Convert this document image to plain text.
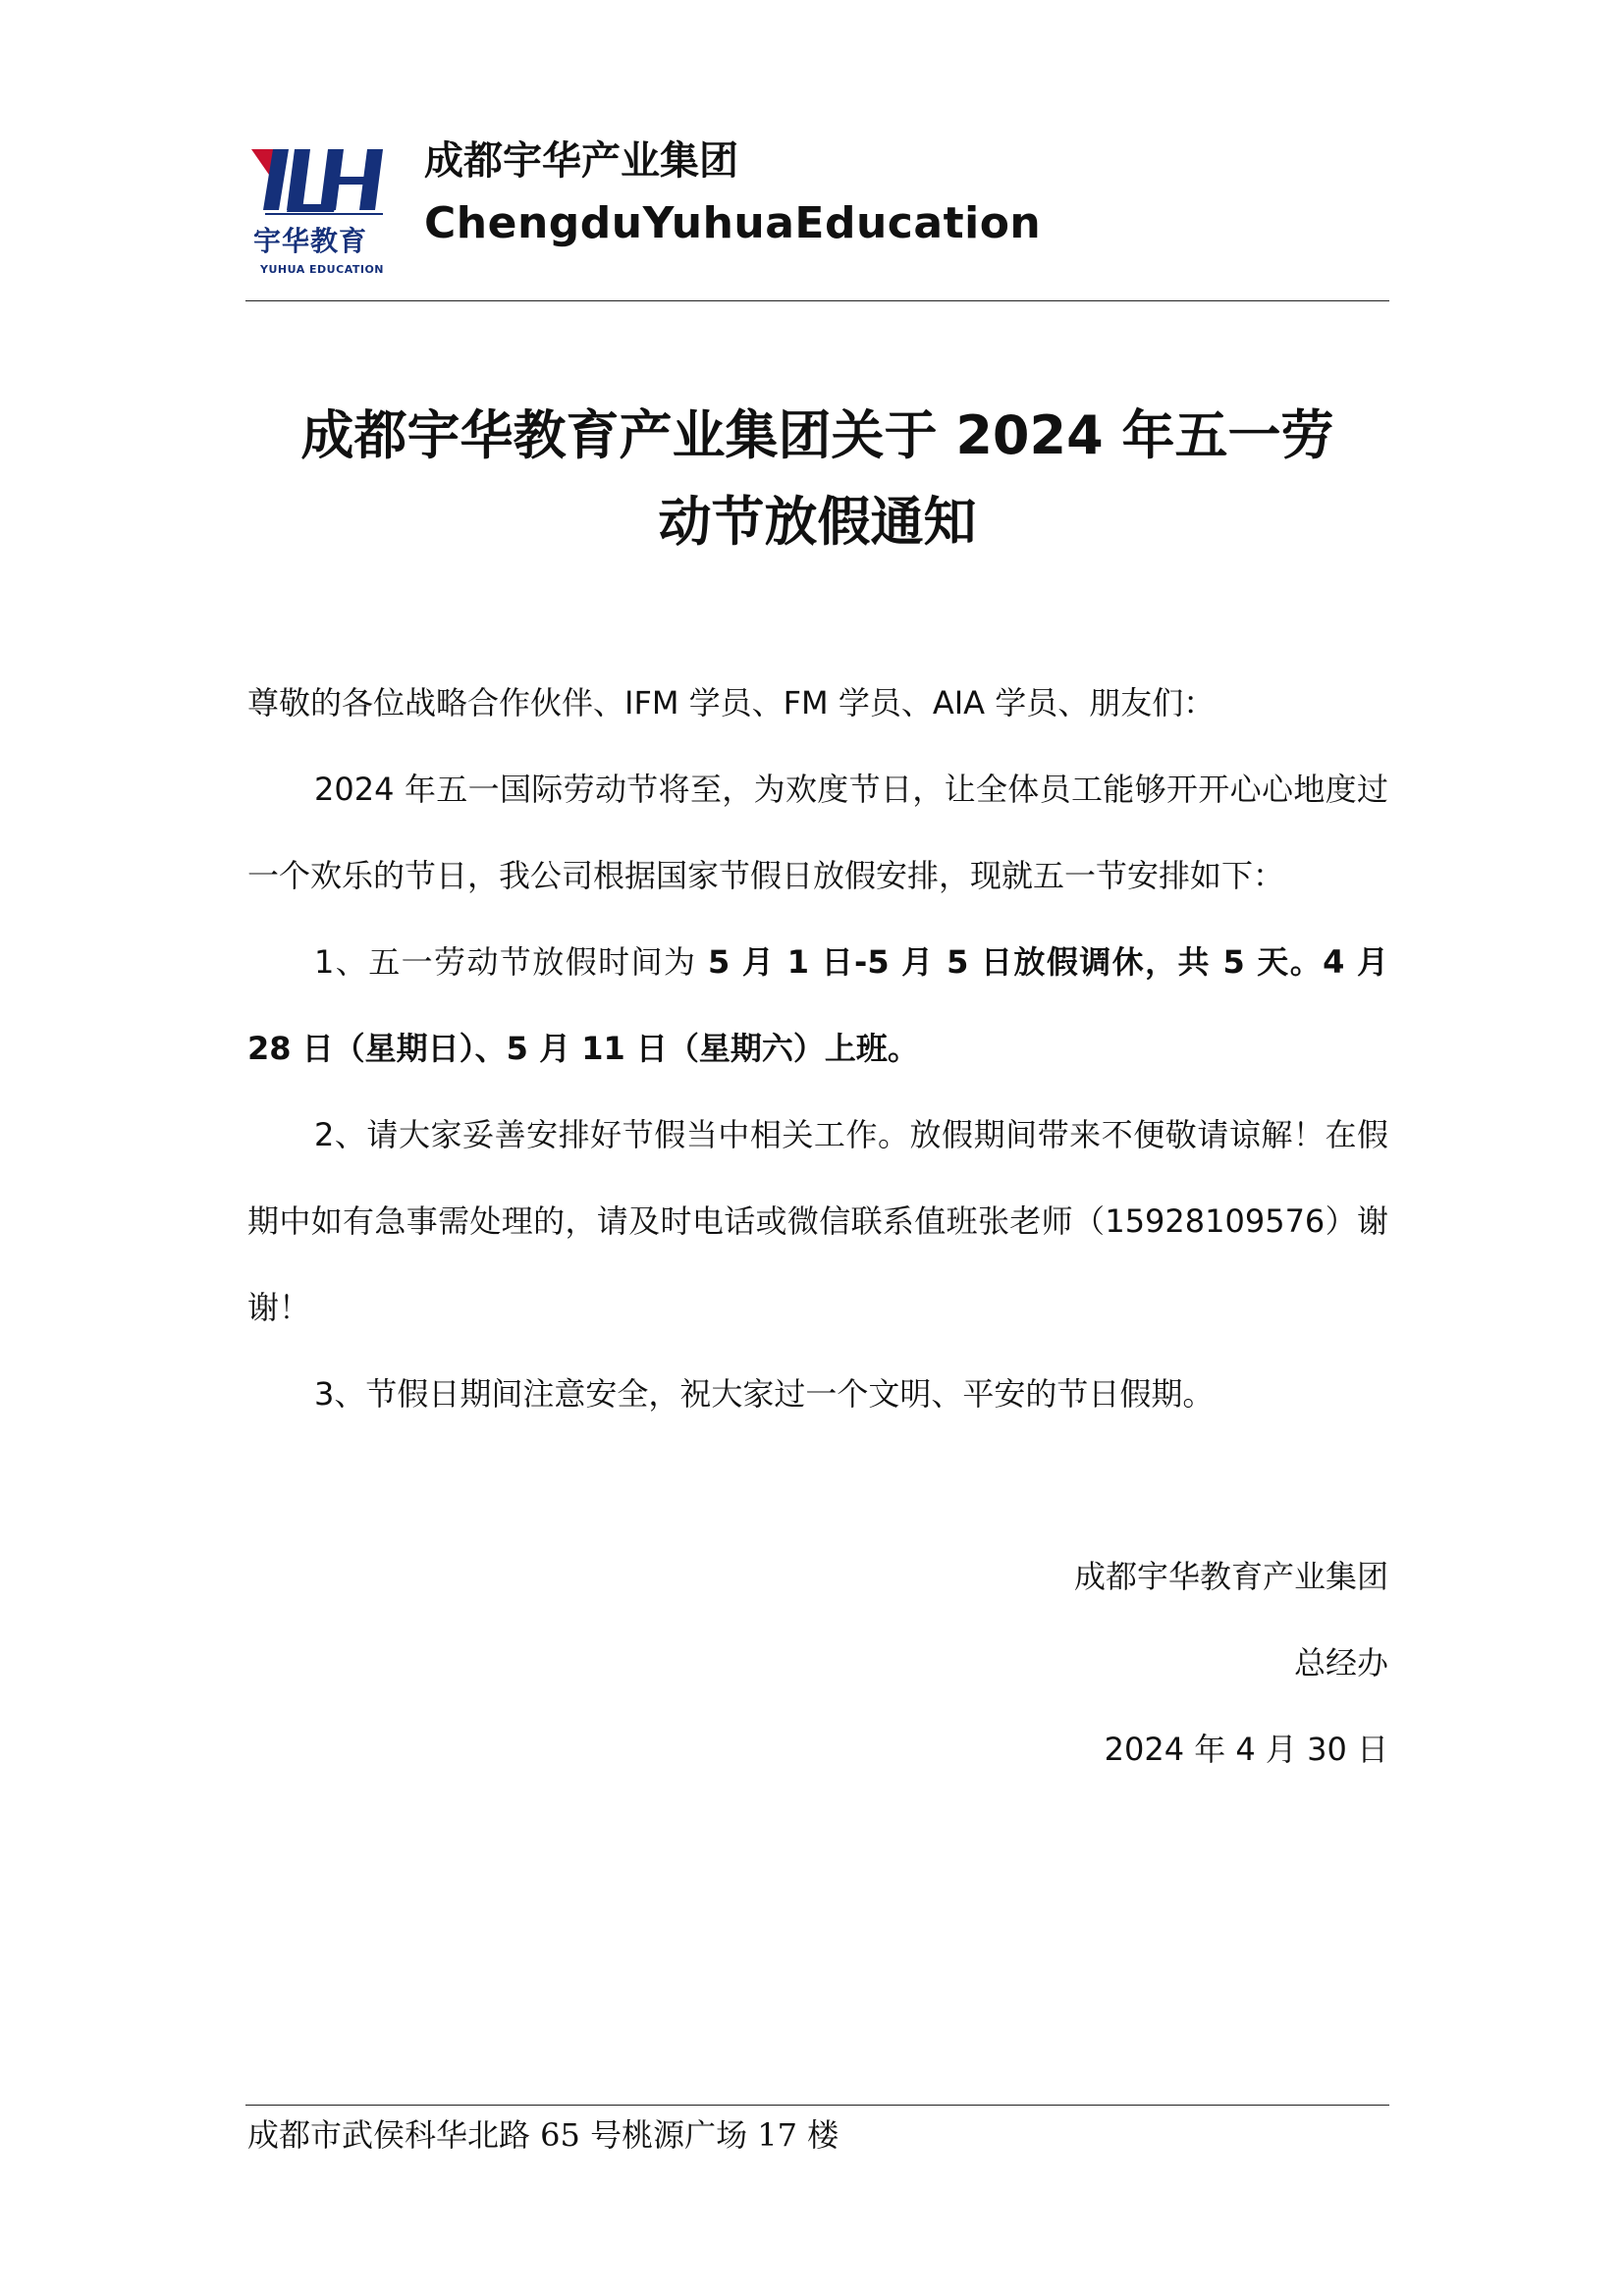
宇华教育
YUHUA EDUCATION
成都宇华产业集团
ChengduYuhuaEducation
成都宇华教育产业集团关于 2024 年五一劳
动节放假通知

尊敬的各位战略合作伙伴、IFM 学员、FM 学员、AIA 学员、朋友们：

2024 年五一国际劳动节将至，为欢度节日，让全体员工能够开开心心地度过一个欢乐的节日，我公司根据国家节假日放假安排，现就五一节安排如下：

1、五一劳动节放假时间为 5 月 1 日-5 月 5 日放假调休，共 5 天。4 月 28 日（星期日）、5 月 11 日（星期六）上班。

2、请大家妥善安排好节假当中相关工作。放假期间带来不便敬请谅解！在假期中如有急事需处理的，请及时电话或微信联系值班张老师（15928109576）谢谢！

3、节假日期间注意安全，祝大家过一个文明、平安的节日假期。

成都宇华教育产业集团

总经办

2024 年 4 月 30 日

成都市武侯科华北路 65 号桃源广场 17 楼
